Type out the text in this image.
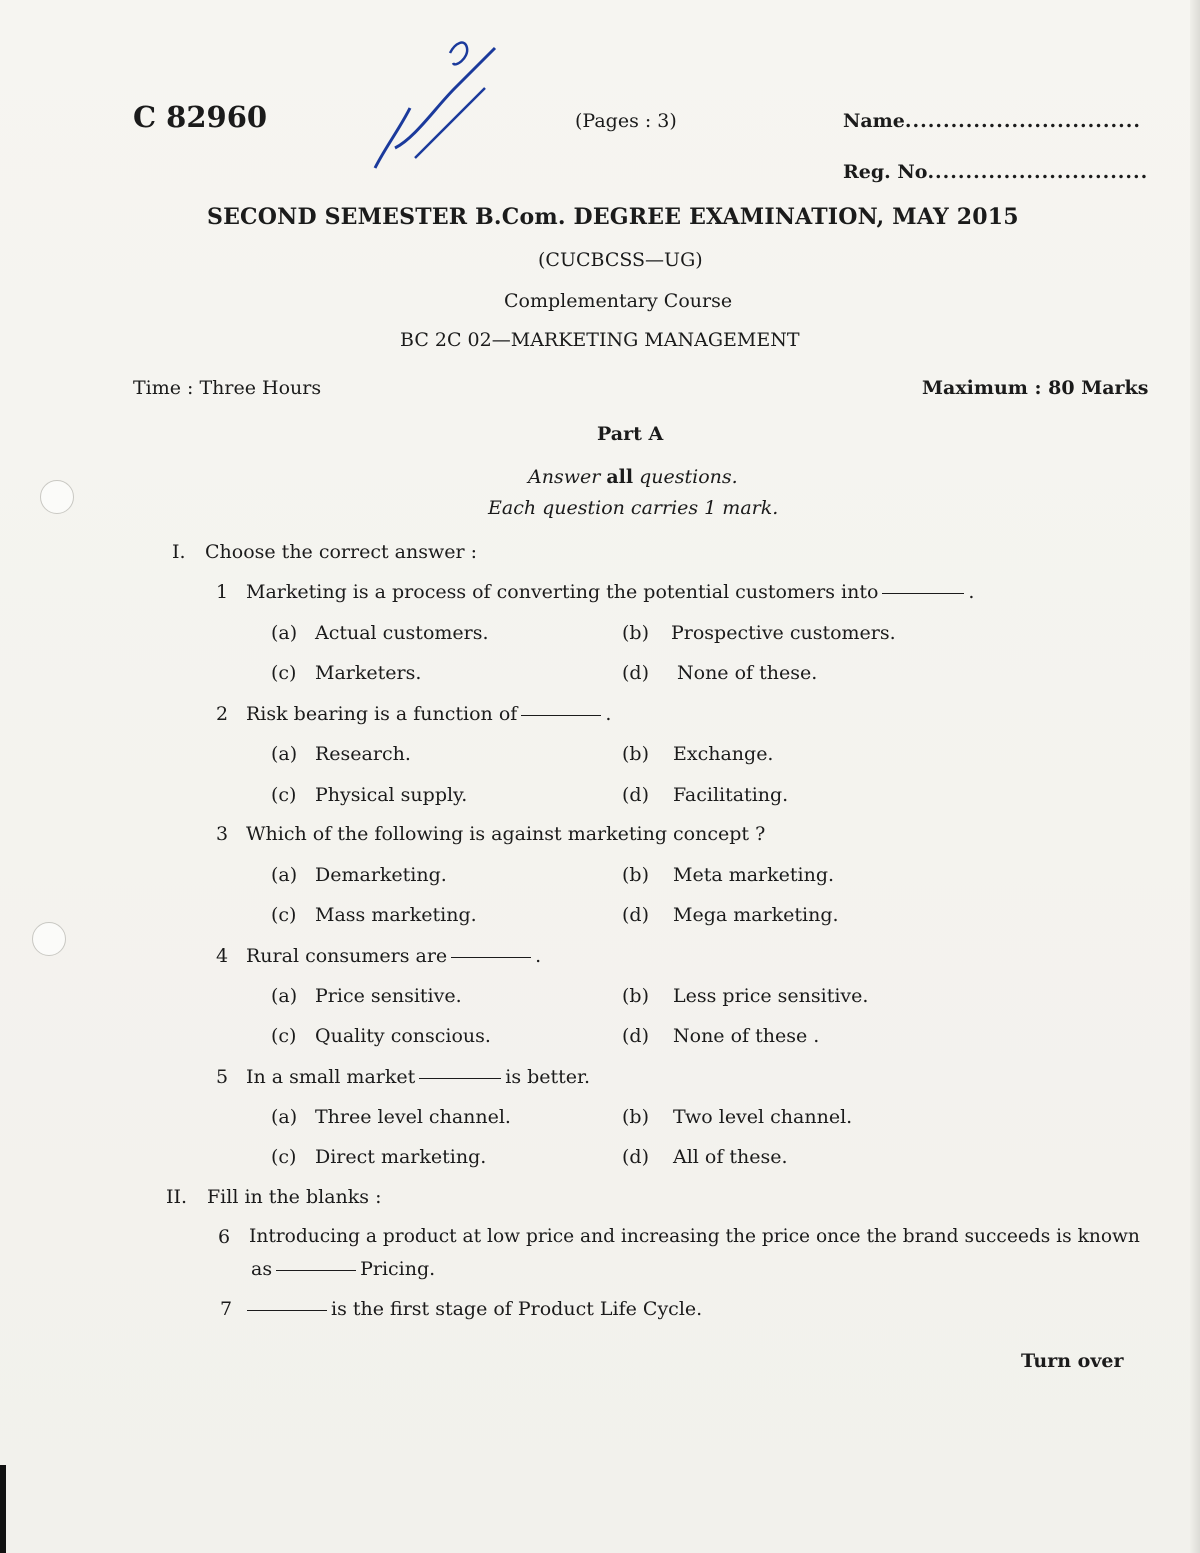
C 82960	(Pages : 3)	Name...............................
Reg. No.............................
SECOND SEMESTER B.Com. DEGREE EXAMINATION, MAY 2015
(CUCBCSS—UG)
Complementary Course
BC 2C 02—MARKETING MANAGEMENT
Time : Three Hours	Maximum : 80 Marks
Part A
Answer all questions.
Each question carries 1 mark.
I. Choose the correct answer :
1 Marketing is a process of converting the potential customers into	.
(a) Actual customers.	(b) Prospective customers.
(c) Marketers.	(d) None of these.
2 Risk bearing is a function of	.
(a) Research.	(b) Exchange.
(c) Physical supply.	(d) Facilitating.
3 Which of the following is against marketing concept ?
(a) Demarketing.	(b) Meta marketing.
(c) Mass marketing.	(d) Mega marketing.
4 Rural consumers are	.
(a) Price sensitive.	(b) Less price sensitive.
(c) Quality conscious.	(d) None of these .
5 In a small market	is better.
(a) Three level channel.	(b) Two level channel.
(c) Direct marketing.	(d) All of these.
II. Fill in the blanks :
6 Introducing a product at low price and increasing the price once the brand succeeds is known
as	Pricing.
7	is the first stage of Product Life Cycle.
Turn over
